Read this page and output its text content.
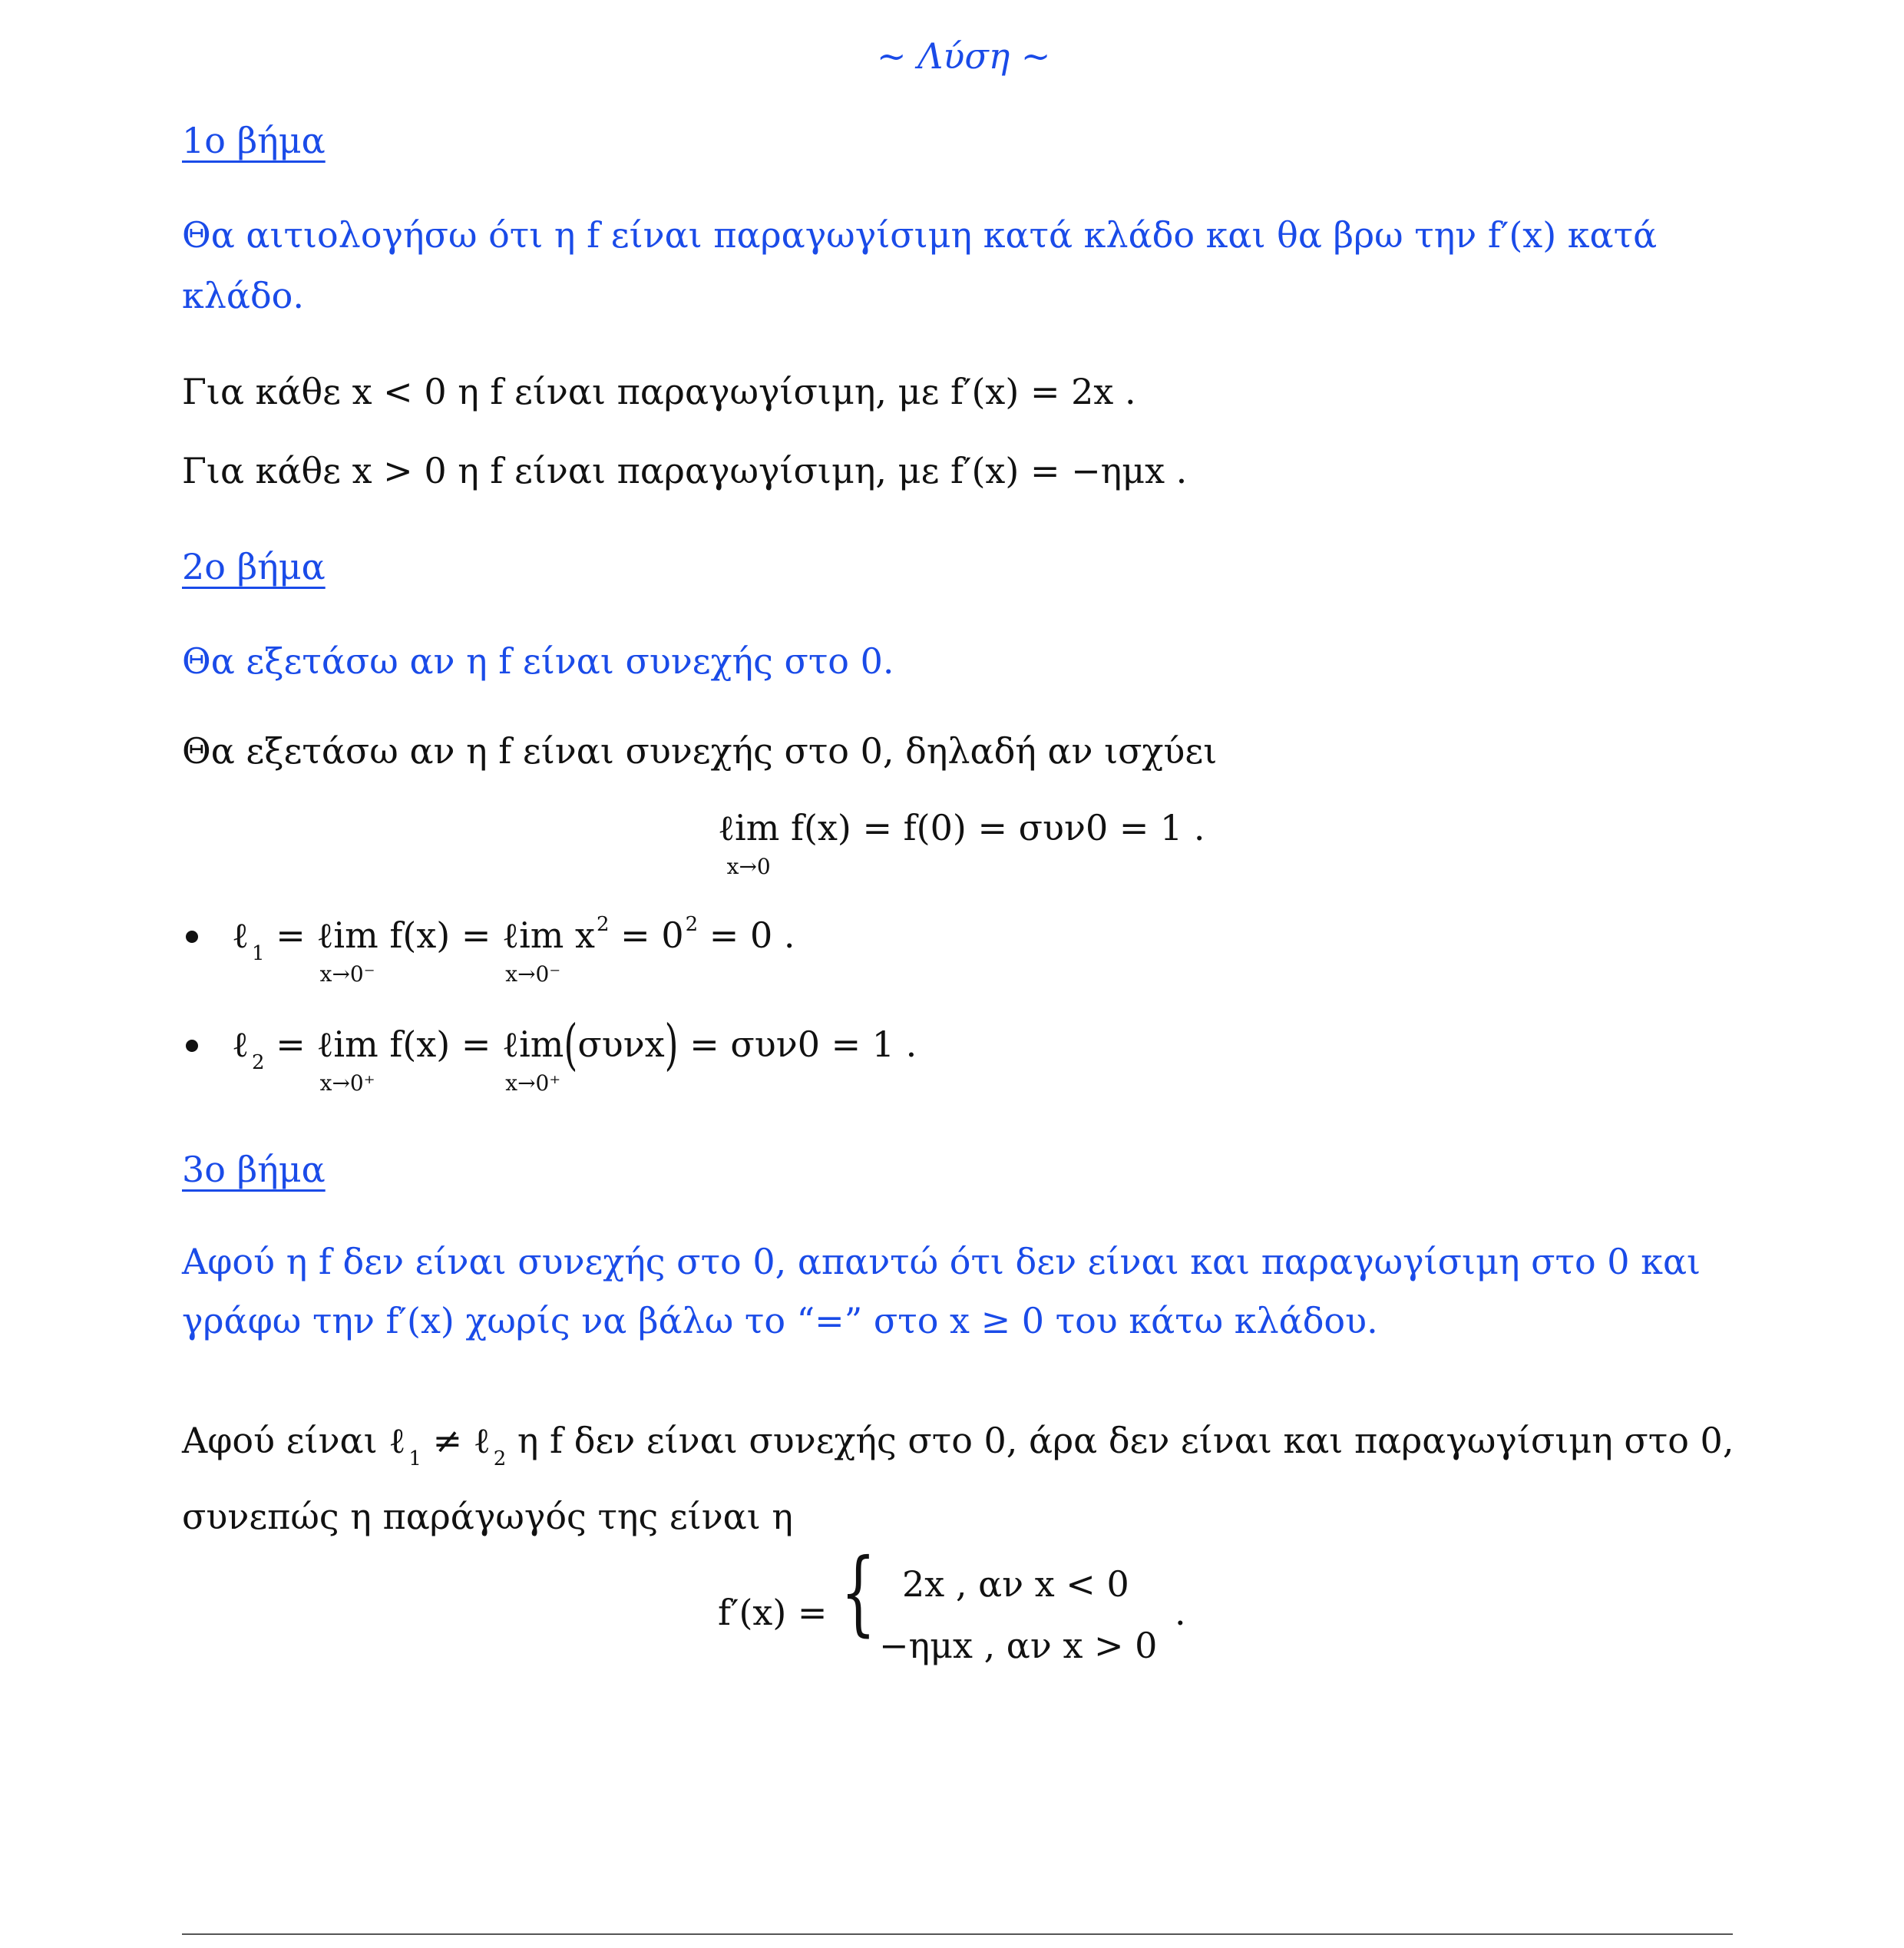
~ Λύση ~
1ο βήμα
Θα αιτιολογήσω ότι η f είναι παραγωγίσιμη κατά κλάδο και θα βρω την f′(x) κατά
κλάδο.
Για κάθε x < 0 η f είναι παραγωγίσιμη, με f′(x) = 2x .
Για κάθε x > 0 η f είναι παραγωγίσιμη, με f′(x) = −ημx .
2ο βήμα
Θα εξετάσω αν η f είναι συνεχής στο 0.
Θα εξετάσω αν η f είναι συνεχής στο 0, δηλαδή αν ισχύει
ℓim
x→0
f(x) = f(0) = συν0 = 1 .
ℓ $_1$ = ℓim
x→0⁻
f(x) = ℓim
x→0⁻
$x^2 = 0^2 = 0$ .
ℓ $_2$ = ℓim
x→0⁺
f(x) = ℓim
x→0⁺
(συνx) = συν0 = 1 .
3ο βήμα
Αφού η f δεν είναι συνεχής στο 0, απαντώ ότι δεν είναι και παραγωγίσιμη στο 0 και
γράφω την f′(x) χωρίς να βάλω το “=” στο x ≥ 0 του κάτω κλάδου.
Αφού είναι ℓ $_1$ ≠ ℓ $_2$ η f δεν είναι συνεχής στο 0, άρα δεν είναι και παραγωγίσιμη στο 0,
συνεπώς η παράγωγός της είναι η
f′(x) = { 2x , αν x < 0
−ημx , αν x > 0
.
